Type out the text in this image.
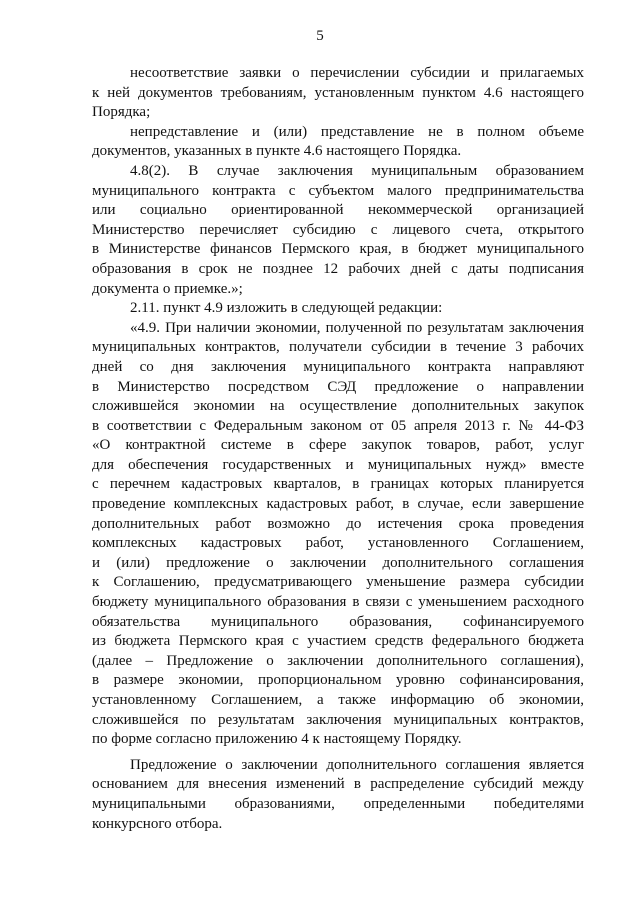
5
несоответствие заявки о перечислении субсидии и прилагаемых
к ней документов требованиям, установленным пунктом 4.6 настоящего
Порядка;
непредставление и (или) представление не в полном объеме
документов, указанных в пункте 4.6 настоящего Порядка.
4.8(2). В случае заключения муниципальным образованием
муниципального контракта с субъектом малого предпринимательства
или социально ориентированной некоммерческой организацией
Министерство перечисляет субсидию с лицевого счета, открытого
в Министерстве финансов Пермского края, в бюджет муниципального
образования в срок не позднее 12 рабочих дней с даты подписания
документа о приемке.»;
2.11. пункт 4.9 изложить в следующей редакции:
«4.9. При наличии экономии, полученной по результатам заключения
муниципальных контрактов, получатели субсидии в течение 3 рабочих
дней со дня заключения муниципального контракта направляют
в Министерство посредством СЭД предложение о направлении
сложившейся экономии на осуществление дополнительных закупок
в соответствии с Федеральным законом от 05 апреля 2013 г. № 44-ФЗ
«О контрактной системе в сфере закупок товаров, работ, услуг
для обеспечения государственных и муниципальных нужд» вместе
с перечнем кадастровых кварталов, в границах которых планируется
проведение комплексных кадастровых работ, в случае, если завершение
дополнительных работ возможно до истечения срока проведения
комплексных кадастровых работ, установленного Соглашением,
и (или) предложение о заключении дополнительного соглашения
к Соглашению, предусматривающего уменьшение размера субсидии
бюджету муниципального образования в связи с уменьшением расходного
обязательства муниципального образования, софинансируемого
из бюджета Пермского края с участием средств федерального бюджета
(далее – Предложение о заключении дополнительного соглашения),
в размере экономии, пропорциональном уровню софинансирования,
установленному Соглашением, а также информацию об экономии,
сложившейся по результатам заключения муниципальных контрактов,
по форме согласно приложению 4 к настоящему Порядку.
Предложение о заключении дополнительного соглашения является
основанием для внесения изменений в распределение субсидий между
муниципальными образованиями, определенными победителями
конкурсного отбора.
